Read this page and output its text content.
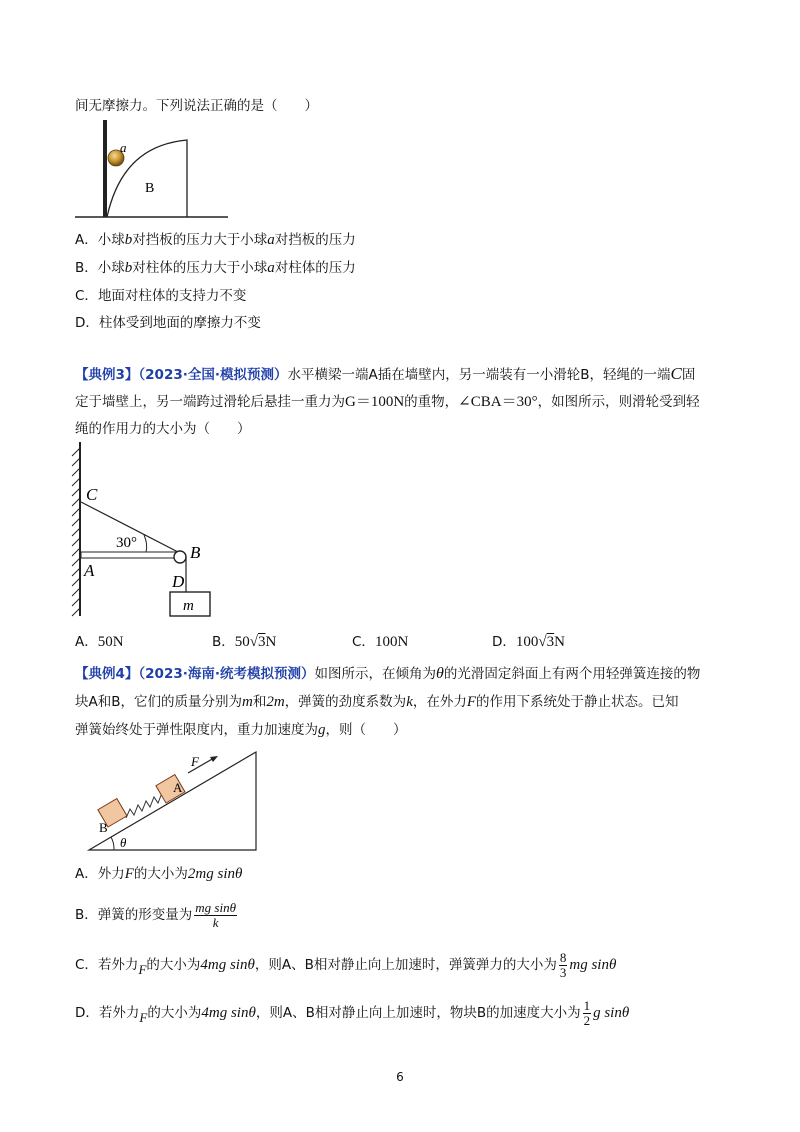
间无摩擦力。下列说法正确的是（　　）
a
B
A．小球b对挡板的压力大于小球a对挡板的压力
B．小球b对柱体的压力大于小球a对柱体的压力
C．地面对柱体的支持力不变
D．柱体受到地面的摩擦力不变
【典例3】（2023·全国·模拟预测）水平横梁一端A插在墙壁内，另一端装有一小滑轮B，轻绳的一端C固
定于墙壁上，另一端跨过滑轮后悬挂一重力为G＝100N的重物，∠CBA＝30°，如图所示，则滑轮受到轻
绳的作用力的大小为（　　）
C
30°	B
A
D
m
A．50N	B．50√3N	C．100N	D．100√3N
【典例4】（2023·海南·统考模拟预测）如图所示，在倾角为θ的光滑固定斜面上有两个用轻弹簧连接的物
块A和B，它们的质量分别为m和2m，弹簧的劲度系数为k，在外力F的作用下系统处于静止状态。已知
弹簧始终处于弹性限度内，重力加速度为g，则（　　）
F
A
B
θ
A．外力F的大小为2mg sinθ
B．弹簧的形变量为 $\frac{\text{mg sinθ}}{k}$
C．若外力F的大小为4mg sinθ，则A、B相对静止向上加速时，弹簧弹力的大小为 $\frac{8}{3}$ mg sinθ
D．若外力F的大小为4mg sinθ，则A、B相对静止向上加速时，物块B的加速度大小为 $\frac{1}{2}$ g sinθ
6
